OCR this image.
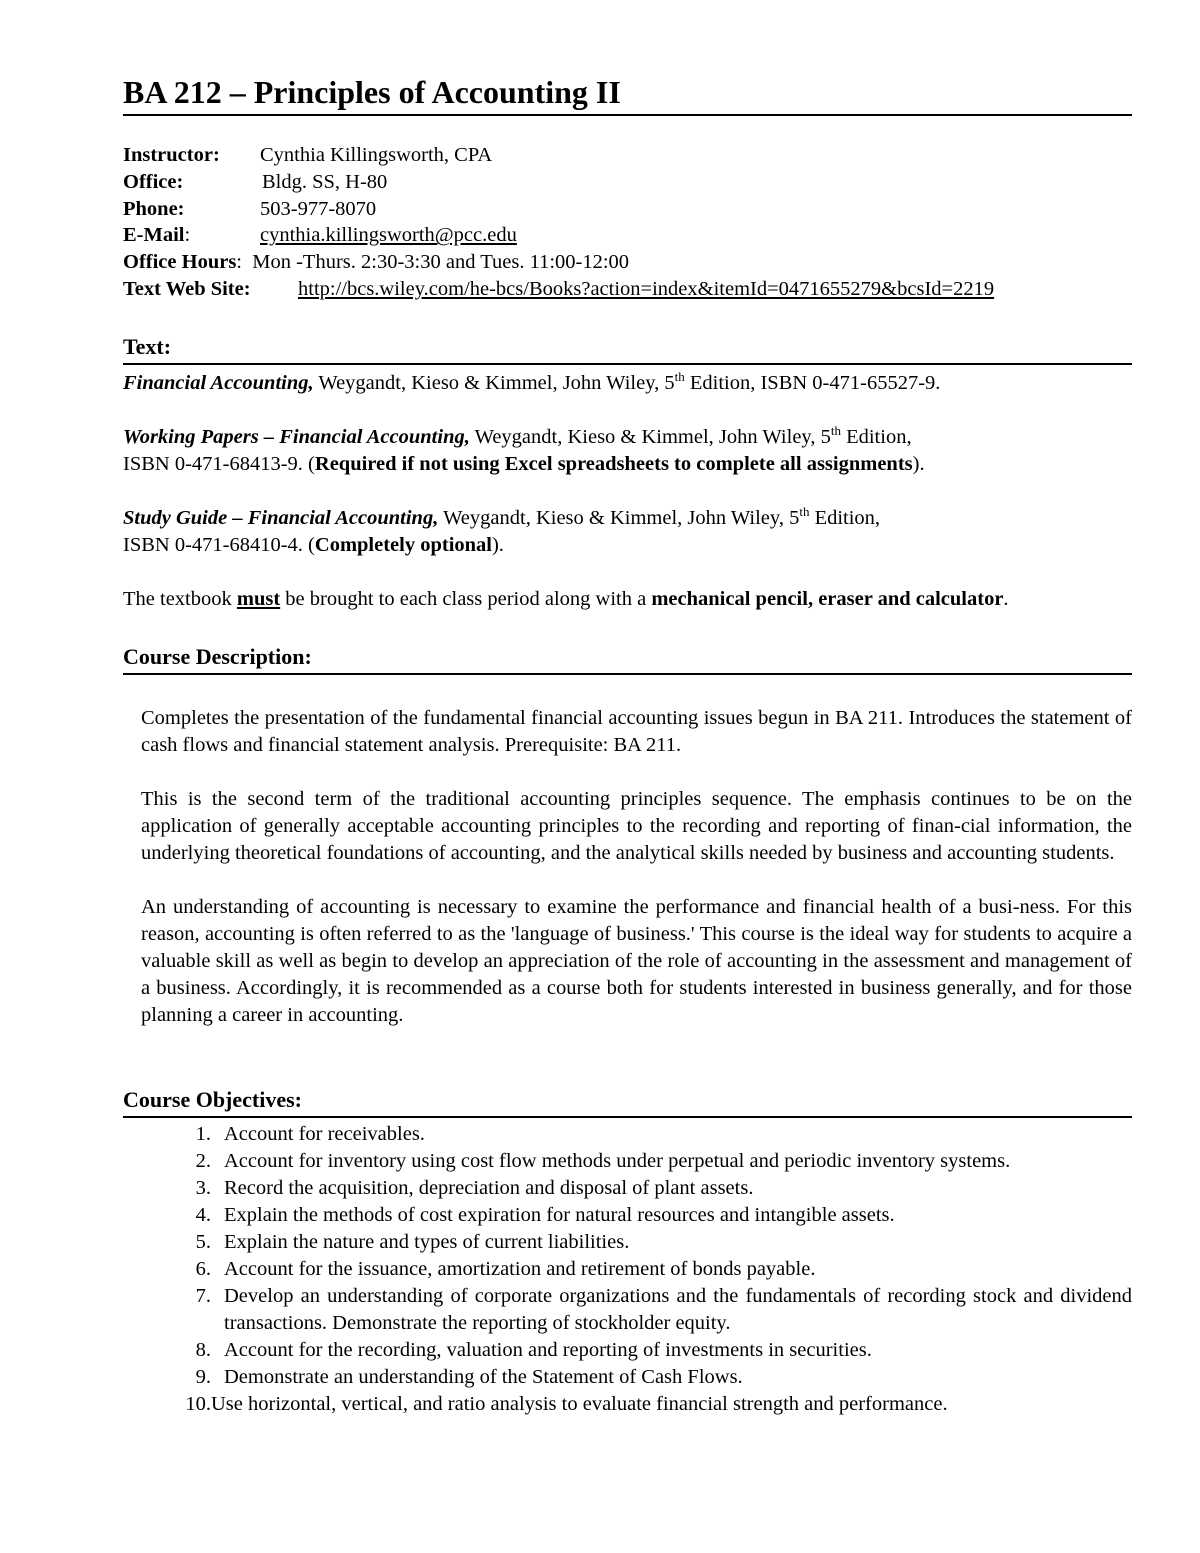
BA 212 – Principles of Accounting II
Instructor: Cynthia Killingsworth, CPA
Office:	Bldg. SS, H-80
Phone:	503-977-8070
E-Mail:	cynthia.killingsworth@pcc.edu
Office Hours: Mon -Thurs. 2:30-3:30 and Tues. 11:00-12:00
Text Web Site: http://bcs.wiley.com/he-bcs/Books?action=index&itemId=0471655279&bcsId=2219
Text:

Financial Accounting, Weygandt, Kieso & Kimmel, John Wiley, 5th Edition, ISBN 0-471-65527-9.

Working Papers – Financial Accounting, Weygandt, Kieso & Kimmel, John Wiley, 5th Edition,
ISBN 0-471-68413-9. (Required if not using Excel spreadsheets to complete all assignments).

Study Guide – Financial Accounting, Weygandt, Kieso & Kimmel, John Wiley, 5th Edition,
ISBN 0-471-68410-4. (Completely optional).

The textbook must be brought to each class period along with a mechanical pencil, eraser and calculator.

Course Description:

Completes the presentation of the fundamental financial accounting issues begun in BA 211. Introduces the statement of cash flows and financial statement analysis. Prerequisite: BA 211.

This is the second term of the traditional accounting principles sequence. The emphasis continues to be on the application of generally acceptable accounting principles to the recording and reporting of finan-cial information, the underlying theoretical foundations of accounting, and the analytical skills needed by business and accounting students.

An understanding of accounting is necessary to examine the performance and financial health of a busi-ness. For this reason, accounting is often referred to as the 'language of business.' This course is the ideal way for students to acquire a valuable skill as well as begin to develop an appreciation of the role of accounting in the assessment and management of a business. Accordingly, it is recommended as a course both for students interested in business generally, and for those planning a career in accounting.

Course Objectives:
1. Account for receivables.
2. Account for inventory using cost flow methods under perpetual and periodic inventory systems.
3. Record the acquisition, depreciation and disposal of plant assets.
4. Explain the methods of cost expiration for natural resources and intangible assets.
5. Explain the nature and types of current liabilities.
6. Account for the issuance, amortization and retirement of bonds payable.
7. Develop an understanding of corporate organizations and the fundamentals of recording stock and dividend transactions. Demonstrate the reporting of stockholder equity.
8. Account for the recording, valuation and reporting of investments in securities.
9. Demonstrate an understanding of the Statement of Cash Flows.
10. Use horizontal, vertical, and ratio analysis to evaluate financial strength and performance.
